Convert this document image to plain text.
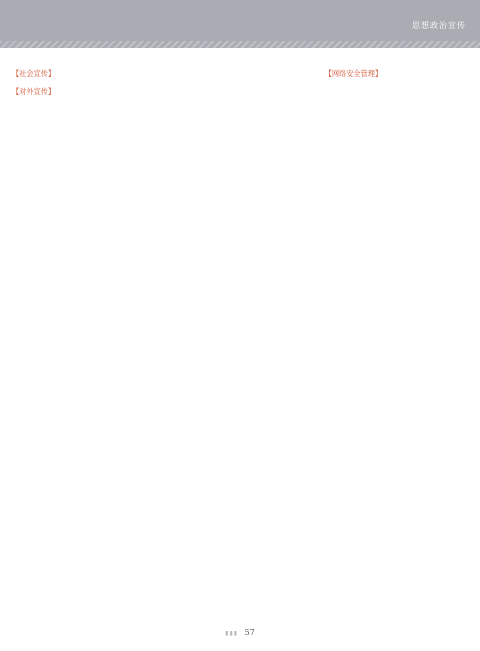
思想政治宣传

【社会宣传】

【对外宣传】

【网络安全管理】

▮▮▮ 57
